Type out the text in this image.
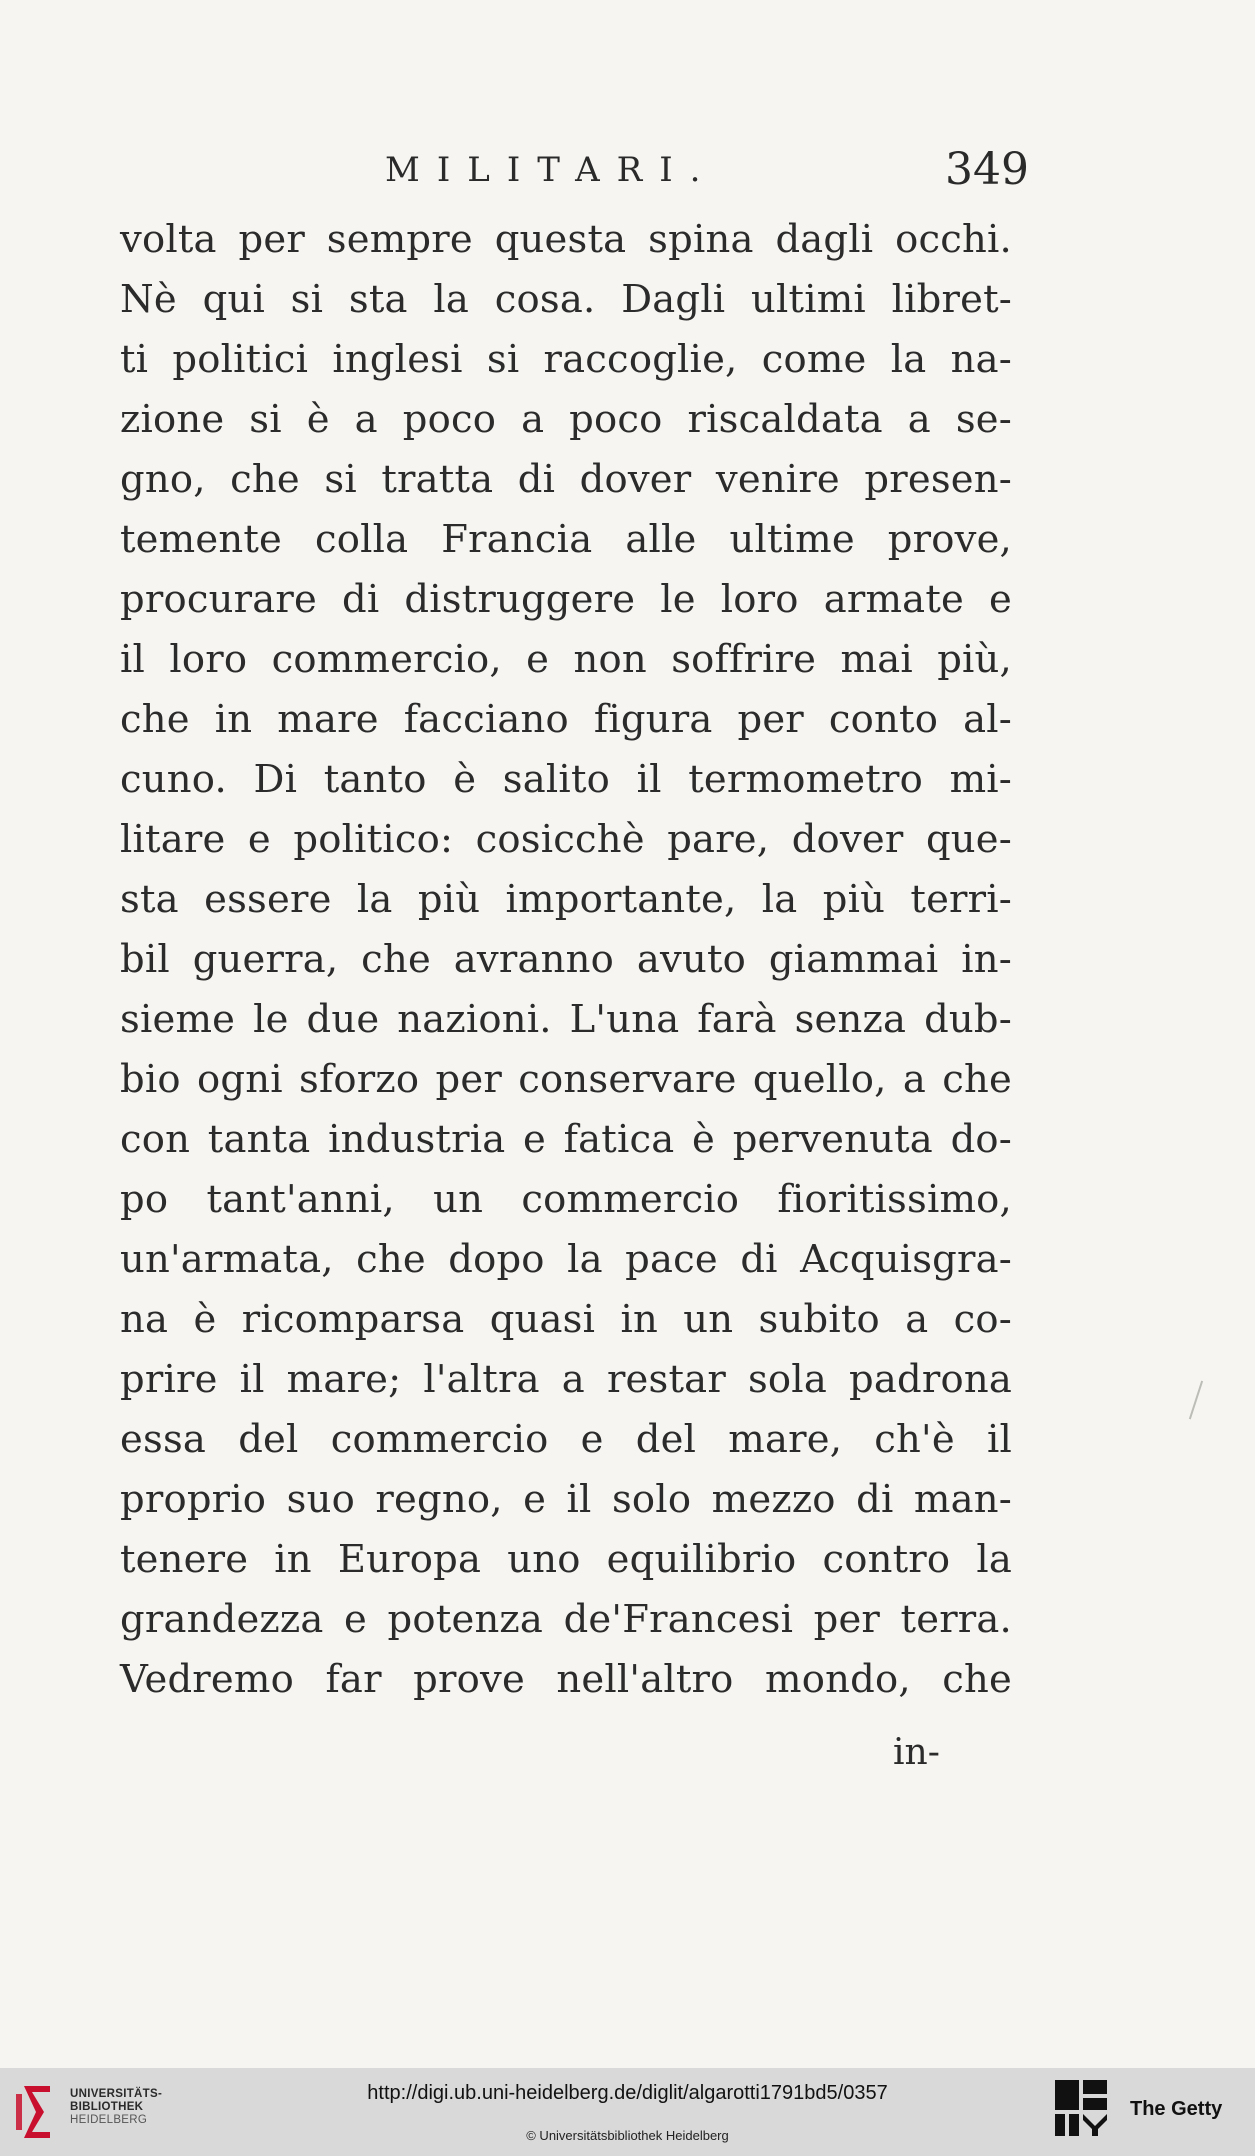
MILITARI.	349
volta per sempre questa spina dagli occhi.
Nè qui si sta la cosa. Dagli ultimi libret-
ti politici inglesi si raccoglie, come la na-
zione si è a poco a poco riscaldata a se-
gno, che si tratta di dover venire presen-
temente colla Francia alle ultime prove,
procurare di distruggere le loro armate e
il loro commercio, e non soffrire mai più,
che in mare facciano figura per conto al-
cuno. Di tanto è salito il termometro mi-
litare e politico: cosicchè pare, dover que-
sta essere la più importante, la più terri-
bil guerra, che avranno avuto giammai in-
sieme le due nazioni. L'una farà senza dub-
bio ogni sforzo per conservare quello, a che
con tanta industria e fatica è pervenuta do-
po tant'anni, un commercio fioritissimo,
un'armata, che dopo la pace di Acquisgra-
na è ricomparsa quasi in un subito a co-
prire il mare; l'altra a restar sola padrona
essa del commercio e del mare, ch'è il
proprio suo regno, e il solo mezzo di man-
tenere in Europa uno equilibrio contro la
grandezza e potenza de'Francesi per terra.
Vedremo far prove nell'altro mondo, che
in-
UNIVERSITÄTS-
BIBLIOTHEK
HEIDELBERG
http://digi.ub.uni-heidelberg.de/diglit/algarotti1791bd5/0357
© Universitätsbibliothek Heidelberg
The Getty
